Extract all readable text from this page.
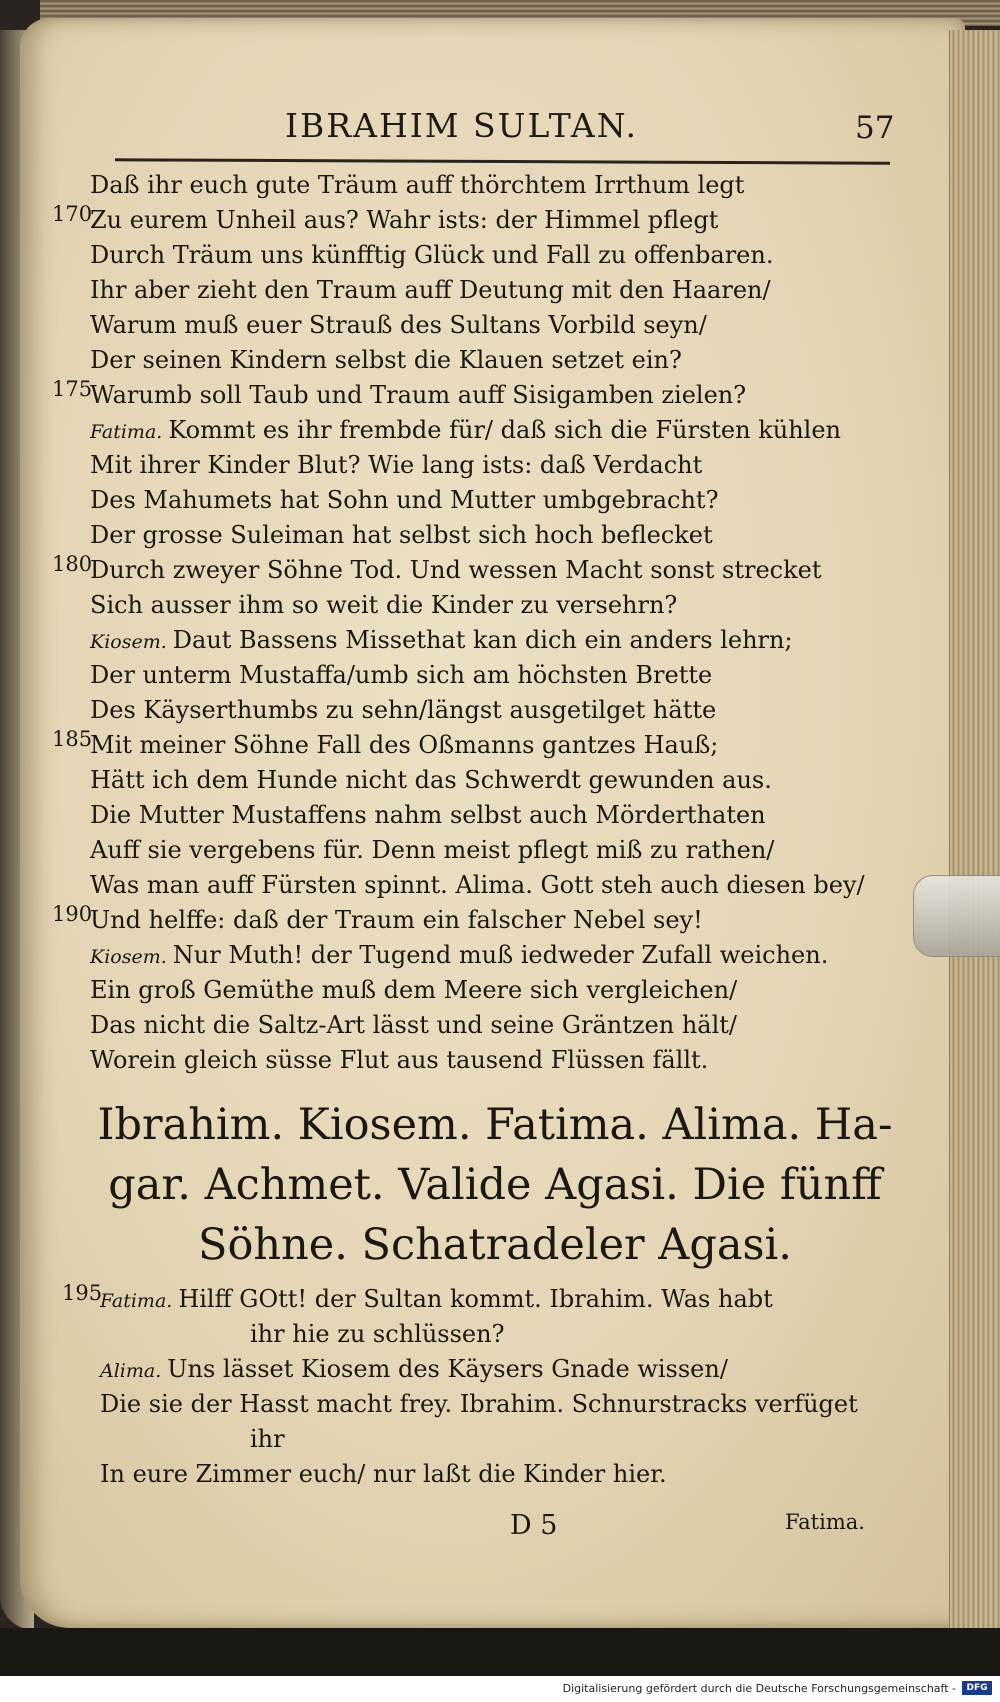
IBRAHIM SULTAN.	57
Daß ihr euch gute Träum auff thörchtem Irrthum legt
170
Zu eurem Unheil aus? Wahr ists: der Himmel pflegt
Durch Träum uns künfftig Glück und Fall zu offenbaren.
Ihr aber zieht den Traum auff Deutung mit den Haaren/
Warum muß euer Strauß des Sultans Vorbild seyn/
Der seinen Kindern selbst die Klauen setzet ein?
175
Warumb soll Taub und Traum auff Sisigamben zielen?
Fatima. Kommt es ihr frembde für/ daß sich die Fürsten kühlen
Mit ihrer Kinder Blut? Wie lang ists: daß Verdacht
Des Mahumets hat Sohn und Mutter umbgebracht?
Der grosse Suleiman hat selbst sich hoch beflecket
180
Durch zweyer Söhne Tod. Und wessen Macht sonst strecket
Sich ausser ihm so weit die Kinder zu versehrn?
Kiosem. Daut Bassens Missethat kan dich ein anders lehrn;
Der unterm Mustaffa/umb sich am höchsten Brette
Des Käyserthumbs zu sehn/längst ausgetilget hätte
185
Mit meiner Söhne Fall des Oßmanns gantzes Hauß;
Hätt ich dem Hunde nicht das Schwerdt gewunden aus.
Die Mutter Mustaffens nahm selbst auch Mörderthaten
Auff sie vergebens für. Denn meist pflegt miß zu rathen/
Was man auff Fürsten spinnt. Alima. Gott steh auch diesen bey/
190
Und helffe: daß der Traum ein falscher Nebel sey!
Kiosem. Nur Muth! der Tugend muß iedweder Zufall weichen.
Ein groß Gemüthe muß dem Meere sich vergleichen/
Das nicht die Saltz-Art lässt und seine Gräntzen hält/
Worein gleich süsse Flut aus tausend Flüssen fällt.
Ibrahim. Kiosem. Fatima. Alima. Ha-
gar. Achmet. Valide Agasi. Die fünff
Söhne. Schatradeler Agasi.
195
Fatima. Hilff GOtt! der Sultan kommt. Ibrahim. Was habt
ihr hie zu schlüssen?
Alima. Uns lässet Kiosem des Käysers Gnade wissen/
Die sie der Hasst macht frey. Ibrahim. Schnurstracks verfüget
ihr
In eure Zimmer euch/ nur laßt die Kinder hier.
D 5	Fatima.
Digitalisierung gefördert durch die Deutsche Forschungsgemeinschaft -	DFG
